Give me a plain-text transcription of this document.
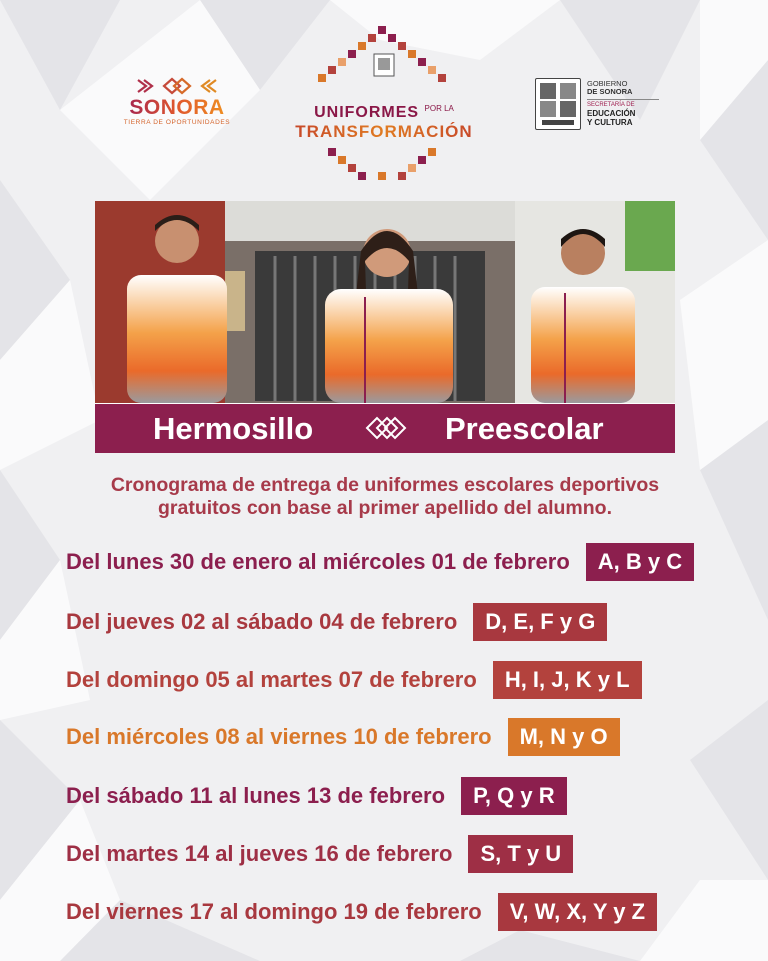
SONORA
TIERRA DE OPORTUNIDADES
UNIFORMES $^{POR LA}$
TRANSFORMACIÓN
GOBIERNO
DE SONORA
SECRETARÍA DE
EDUCACIÓN
Y CULTURA
Hermosillo	Preescolar
Cronograma de entrega de uniformes escolares deportivos
gratuitos con base al primer apellido del alumno.
Del lunes 30 de enero al miércoles 01 de febrero	A, B y C
Del jueves 02 al sábado 04 de febrero	D, E, F y G
Del domingo 05 al martes 07 de febrero	H, I, J, K y L
Del miércoles 08 al viernes 10 de febrero	M, N y O
Del sábado 11 al lunes 13 de febrero	P, Q y R
Del martes 14 al jueves 16 de febrero	S, T y U
Del viernes 17 al domingo 19 de febrero	V, W, X, Y y Z
